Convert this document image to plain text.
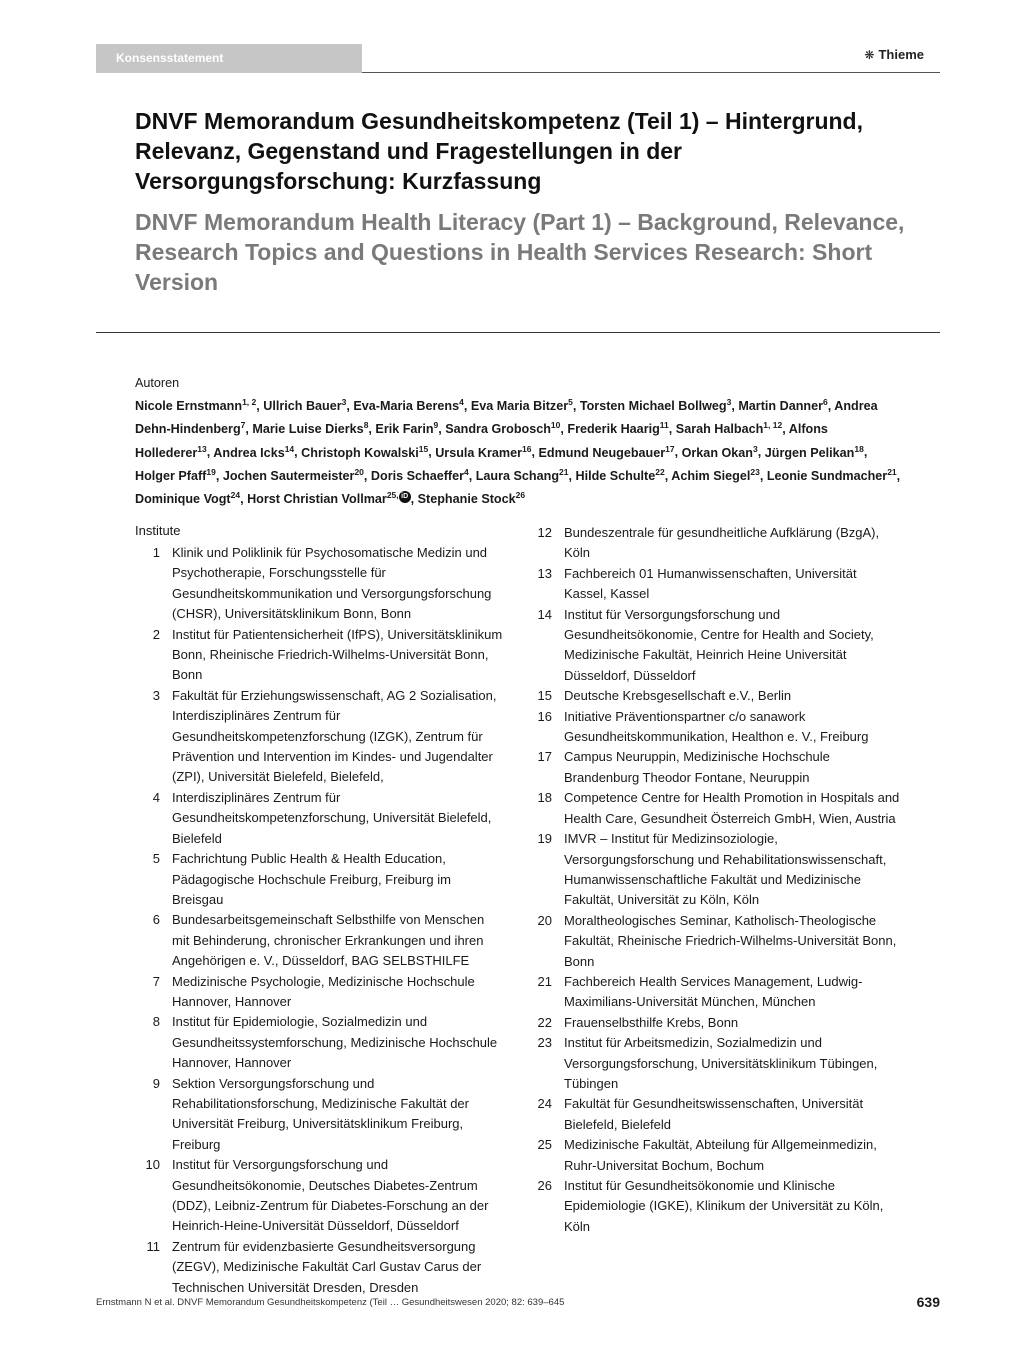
Konsensstatement	❋ Thieme
DNVF Memorandum Gesundheitskompetenz (Teil 1) – Hintergrund, Relevanz, Gegenstand und Fragestellungen in der Versorgungsforschung: Kurzfassung
DNVF Memorandum Health Literacy (Part 1) – Background, Relevance, Research Topics and Questions in Health Services Research: Short Version
Autoren
Nicole Ernstmann$^{1, 2}$, Ullrich Bauer$^3$, Eva-Maria Berens$^4$, Eva Maria Bitzer$^5$, Torsten Michael Bollweg$^3$, Martin Danner$^6$, Andrea Dehn-Hindenberg$^7$, Marie Luise Dierks$^8$, Erik Farin$^9$, Sandra Grobosch$^{10}$, Frederik Haarig$^{11}$, Sarah Halbach$^{1, 12}$, Alfons Hollederer$^{13}$, Andrea Icks$^{14}$, Christoph Kowalski$^{15}$, Ursula Kramer$^{16}$, Edmund Neugebauer$^{17}$, Orkan Okan$^3$, Jürgen Pelikan$^{18}$, Holger Pfaff$^{19}$, Jochen Sautermeister$^{20}$, Doris Schaeffer$^4$, Laura Schang$^{21}$, Hilde Schulte$^{22}$, Achim Siegel$^{23}$, Leonie Sundmacher$^{21}$, Dominique Vogt$^{24}$, Horst Christian Vollmar$^{25,}$ iD , Stephanie Stock$^{26}$
Institute
1 Klinik und Poliklinik für Psychosomatische Medizin und Psychotherapie, Forschungsstelle für Gesundheitskommunikation und Versorgungsforschung (CHSR), Universitätsklinikum Bonn, Bonn
2 Institut für Patientensicherheit (IfPS), Universitätsklinikum Bonn, Rheinische Friedrich-Wilhelms-Universität Bonn, Bonn
3 Fakultät für Erziehungswissenschaft, AG 2 Sozialisation, Interdisziplinäres Zentrum für Gesundheitskompetenzforschung (IZGK), Zentrum für Prävention und Intervention im Kindes- und Jugendalter (ZPI), Universität Bielefeld, Bielefeld,
4 Interdisziplinäres Zentrum für Gesundheitskompetenzforschung, Universität Bielefeld, Bielefeld
5 Fachrichtung Public Health & Health Education, Pädagogische Hochschule Freiburg, Freiburg im Breisgau
6 Bundesarbeitsgemeinschaft Selbsthilfe von Menschen mit Behinderung, chronischer Erkrankungen und ihren Angehörigen e. V., Düsseldorf, BAG SELBSTHILFE
7 Medizinische Psychologie, Medizinische Hochschule Hannover, Hannover
8 Institut für Epidemiologie, Sozialmedizin und Gesundheitssystemforschung, Medizinische Hochschule Hannover, Hannover
9 Sektion Versorgungsforschung und Rehabilitationsforschung, Medizinische Fakultät der Universität Freiburg, Universitätsklinikum Freiburg, Freiburg
10 Institut für Versorgungsforschung und Gesundheitsökonomie, Deutsches Diabetes-Zentrum (DDZ), Leibniz-Zentrum für Diabetes-Forschung an der Heinrich-Heine-Universität Düsseldorf, Düsseldorf
11 Zentrum für evidenzbasierte Gesundheitsversorgung (ZEGV), Medizinische Fakultät Carl Gustav Carus der Technischen Universität Dresden, Dresden
12 Bundeszentrale für gesundheitliche Aufklärung (BzgA), Köln
13 Fachbereich 01 Humanwissenschaften, Universität Kassel, Kassel
14 Institut für Versorgungsforschung und Gesundheitsökonomie, Centre for Health and Society, Medizinische Fakultät, Heinrich Heine Universität Düsseldorf, Düsseldorf
15 Deutsche Krebsgesellschaft e.V., Berlin
16 Initiative Präventionspartner c/o sanawork Gesundheitskommunikation, Healthon e. V., Freiburg
17 Campus Neuruppin, Medizinische Hochschule Brandenburg Theodor Fontane, Neuruppin
18 Competence Centre for Health Promotion in Hospitals and Health Care, Gesundheit Österreich GmbH, Wien, Austria
19 IMVR – Institut für Medizinsoziologie, Versorgungsforschung und Rehabilitationswissenschaft, Humanwissenschaftliche Fakultät und Medizinische Fakultät, Universität zu Köln, Köln
20 Moraltheologisches Seminar, Katholisch-Theologische Fakultät, Rheinische Friedrich-Wilhelms-Universität Bonn, Bonn
21 Fachbereich Health Services Management, Ludwig-Maximilians-Universität München, München
22 Frauenselbsthilfe Krebs, Bonn
23 Institut für Arbeitsmedizin, Sozialmedizin und Versorgungsforschung, Universitätsklinikum Tübingen, Tübingen
24 Fakultät für Gesundheitswissenschaften, Universität Bielefeld, Bielefeld
25 Medizinische Fakultät, Abteilung für Allgemeinmedizin, Ruhr-Universitat Bochum, Bochum
26 Institut für Gesundheitsökonomie und Klinische Epidemiologie (IGKE), Klinikum der Universität zu Köln, Köln
Ernstmann N et al. DNVF Memorandum Gesundheitskompetenz (Teil … Gesundheitswesen 2020; 82: 639–645	639
